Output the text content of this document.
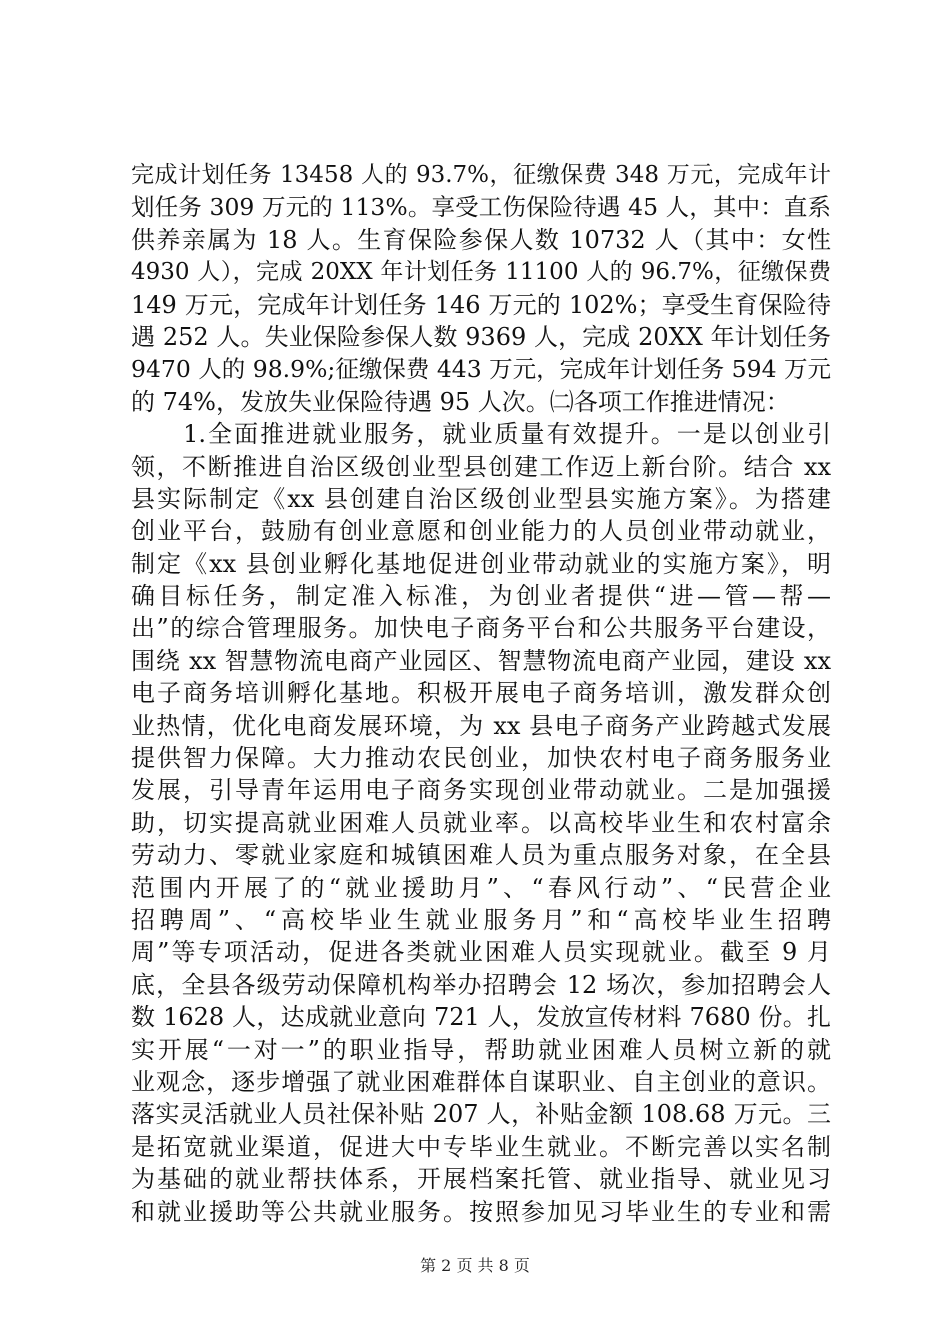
完成计划任务 13458 人的 93.7%，征缴保费 348 万元，完成年计
划任务 309 万元的 113%。享受工伤保险待遇 45 人，其中：直系
供养亲属为 18 人。生育保险参保人数 10732 人（其中：女性
4930 人），完成 20XX 年计划任务 11100 人的 96.7%，征缴保费
149 万元，完成年计划任务 146 万元的 102%；享受生育保险待
遇 252 人。失业保险参保人数 9369 人，完成 20XX 年计划任务
9470 人的 98.9%;征缴保费 443 万元，完成年计划任务 594 万元
的 74%，发放失业保险待遇 95 人次。㈡各项工作推进情况：
　　1.全面推进就业服务，就业质量有效提升。一是以创业引
领，不断推进自治区级创业型县创建工作迈上新台阶。结合 xx
县实际制定《xx 县创建自治区级创业型县实施方案》。为搭建
创业平台，鼓励有创业意愿和创业能力的人员创业带动就业，
制定《xx 县创业孵化基地促进创业带动就业的实施方案》，明
确目标任务，制定准入标准，为创业者提供“进—管—帮—
出”的综合管理服务。加快电子商务平台和公共服务平台建设，
围绕 xx 智慧物流电商产业园区、智慧物流电商产业园，建设 xx
电子商务培训孵化基地。积极开展电子商务培训，激发群众创
业热情，优化电商发展环境，为 xx 县电子商务产业跨越式发展
提供智力保障。大力推动农民创业，加快农村电子商务服务业
发展，引导青年运用电子商务实现创业带动就业。二是加强援
助，切实提高就业困难人员就业率。以高校毕业生和农村富余
劳动力、零就业家庭和城镇困难人员为重点服务对象，在全县
范围内开展了的“就业援助月”、“春风行动”、“民营企业
招聘周”、“高校毕业生就业服务月”和“高校毕业生招聘
周”等专项活动，促进各类就业困难人员实现就业。截至 9 月
底，全县各级劳动保障机构举办招聘会 12 场次，参加招聘会人
数 1628 人，达成就业意向 721 人，发放宣传材料 7680 份。扎
实开展“一对一”的职业指导，帮助就业困难人员树立新的就
业观念，逐步增强了就业困难群体自谋职业、自主创业的意识。
落实灵活就业人员社保补贴 207 人，补贴金额 108.68 万元。三
是拓宽就业渠道，促进大中专毕业生就业。不断完善以实名制
为基础的就业帮扶体系，开展档案托管、就业指导、就业见习
和就业援助等公共就业服务。按照参加见习毕业生的专业和需
第 2 页 共 8 页
